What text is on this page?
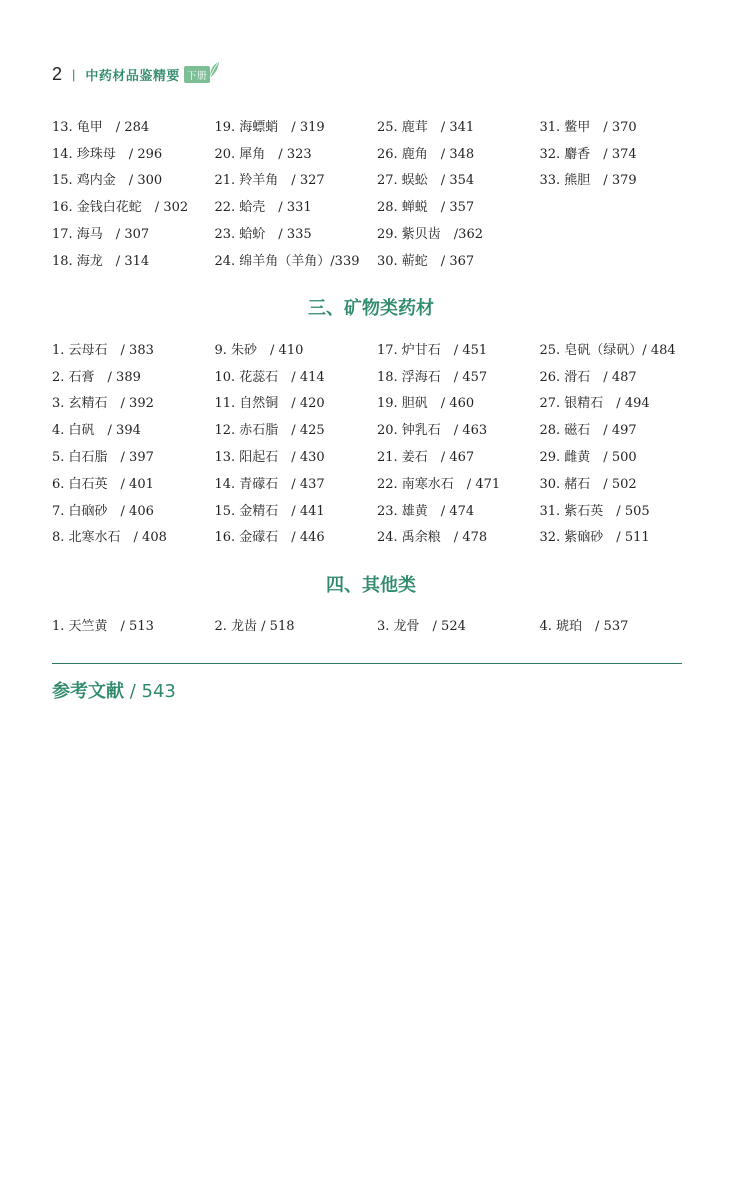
2 | 中药材品鉴精要 下册
13. 龟甲　/ 284	19. 海螵蛸　/ 319	25. 鹿茸　/ 341	31. 鳖甲　/ 370
14. 珍珠母　/ 296	20. 犀角　/ 323	26. 鹿角　/ 348	32. 麝香　/ 374
15. 鸡内金　/ 300	21. 羚羊角　/ 327	27. 蜈蚣　/ 354	33. 熊胆　/ 379
16. 金钱白花蛇　/ 302	22. 蛤壳　/ 331	28. 蝉蜕　/ 357
17. 海马　/ 307	23. 蛤蚧　/ 335	29. 紫贝齿　/362
18. 海龙　/ 314	24. 绵羊角（羊角）/339	30. 蕲蛇　/ 367
三、矿物类药材
1. 云母石　/ 383	9. 朱砂　/ 410	17. 炉甘石　/ 451	25. 皂矾（绿矾）/ 484
2. 石膏　/ 389	10. 花蕊石　/ 414	18. 浮海石　/ 457	26. 滑石　/ 487
3. 玄精石　/ 392	11. 自然铜　/ 420	19. 胆矾　/ 460	27. 银精石　/ 494
4. 白矾　/ 394	12. 赤石脂　/ 425	20. 钟乳石　/ 463	28. 磁石　/ 497
5. 白石脂　/ 397	13. 阳起石　/ 430	21. 姜石　/ 467	29. 雌黄　/ 500
6. 白石英　/ 401	14. 青礞石　/ 437	22. 南寒水石　/ 471	30. 赭石　/ 502
7. 白硇砂　/ 406	15. 金精石　/ 441	23. 雄黄　/ 474	31. 紫石英　/ 505
8. 北寒水石　/ 408	16. 金礞石　/ 446	24. 禹余粮　/ 478	32. 紫硇砂　/ 511
四、其他类
1. 天竺黄　/ 513	2. 龙齿 / 518	3. 龙骨　/ 524	4. 琥珀　/ 537
参考文献 / 543
